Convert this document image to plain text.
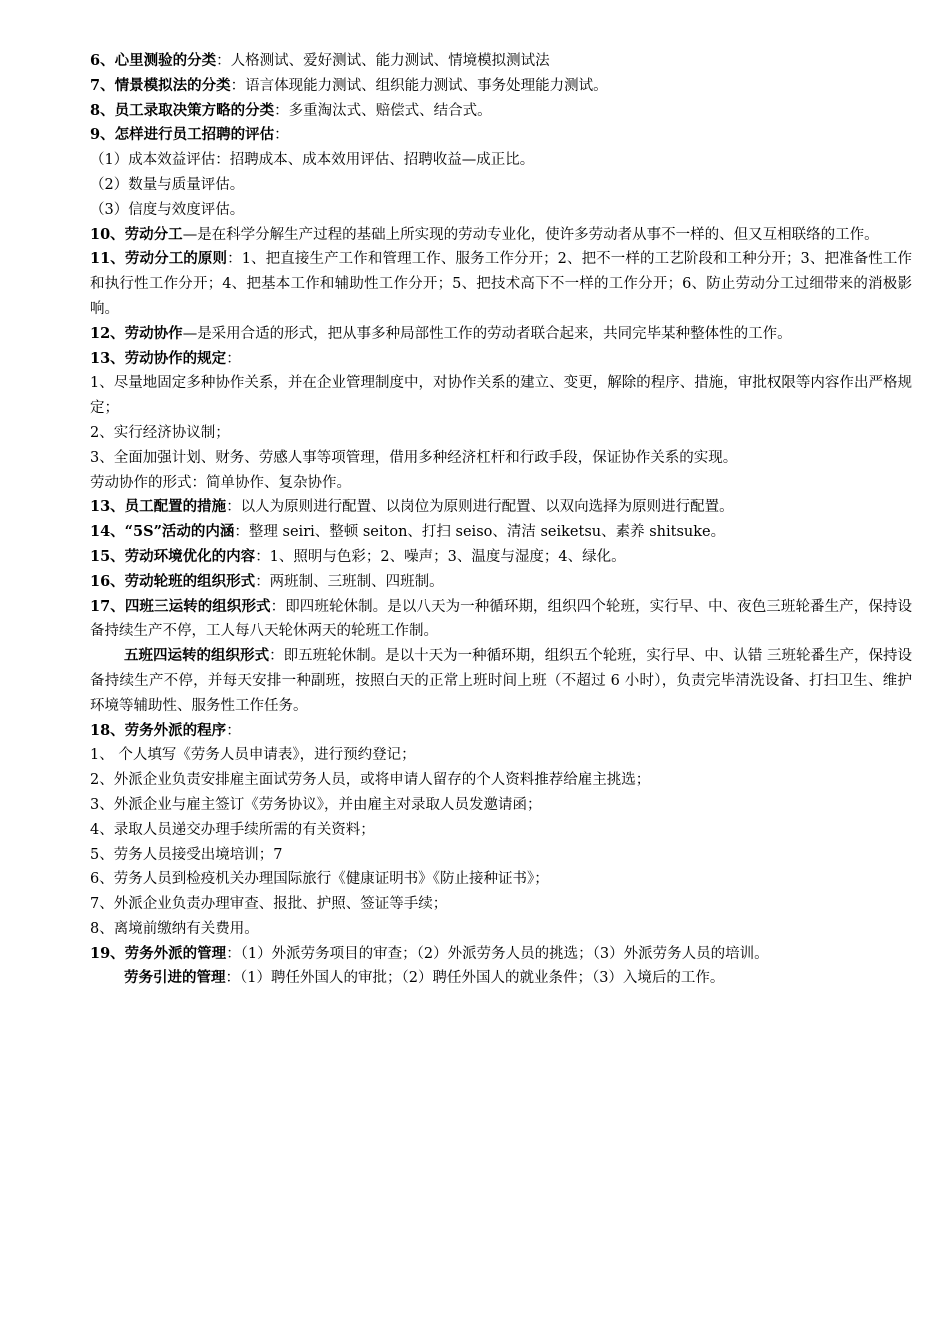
6、心里测验的分类：人格测试、爱好测试、能力测试、情境模拟测试法

7、情景模拟法的分类：语言体现能力测试、组织能力测试、事务处理能力测试。

8、员工录取决策方略的分类：多重淘汰式、赔偿式、结合式。

9、怎样进行员工招聘的评估：

（1）成本效益评估：招聘成本、成本效用评估、招聘收益—成正比。

（2）数量与质量评估。

（3）信度与效度评估。

10、劳动分工—是在科学分解生产过程的基础上所实现的劳动专业化，使许多劳动者从事不一样的、但又互相联络的工作。

11、劳动分工的原则：1、把直接生产工作和管理工作、服务工作分开；2、把不一样的工艺阶段和工种分开；3、把准备性工作和执行性工作分开；4、把基本工作和辅助性工作分开；5、把技术高下不一样的工作分开；6、防止劳动分工过细带来的消极影响。

12、劳动协作—是采用合适的形式，把从事多种局部性工作的劳动者联合起来，共同完毕某种整体性的工作。

13、劳动协作的规定：

1、尽量地固定多种协作关系，并在企业管理制度中，对协作关系的建立、变更，解除的程序、措施，审批权限等内容作出严格规定；

2、实行经济协议制；

3、全面加强计划、财务、劳感人事等项管理，借用多种经济杠杆和行政手段，保证协作关系的实现。

劳动协作的形式：简单协作、复杂协作。

13、员工配置的措施：以人为原则进行配置、以岗位为原则进行配置、以双向选择为原则进行配置。

14、“5S”活动的内涵：整理 seiri、整顿 seiton、打扫 seiso、清洁 seiketsu、素养 shitsuke。

15、劳动环境优化的内容：1、照明与色彩；2、噪声；3、温度与湿度；4、绿化。

16、劳动轮班的组织形式：两班制、三班制、四班制。

17、四班三运转的组织形式：即四班轮休制。是以八天为一种循环期，组织四个轮班，实行早、中、夜色三班轮番生产，保持设备持续生产不停，工人每八天轮休两天的轮班工作制。

五班四运转的组织形式：即五班轮休制。是以十天为一种循环期，组织五个轮班，实行早、中、认错 三班轮番生产，保持设备持续生产不停，并每天安排一种副班，按照白天的正常上班时间上班（不超过 6 小时），负责完毕清洗设备、打扫卫生、维护环境等辅助性、服务性工作任务。

18、劳务外派的程序：

1、 个人填写《劳务人员申请表》，进行预约登记；

2、外派企业负责安排雇主面试劳务人员，或将申请人留存的个人资料推荐给雇主挑选；

3、外派企业与雇主签订《劳务协议》，并由雇主对录取人员发邀请函；

4、录取人员递交办理手续所需的有关资料；

5、劳务人员接受出境培训；7

6、劳务人员到检疫机关办理国际旅行《健康证明书》《防止接种证书》；

7、外派企业负责办理审查、报批、护照、签证等手续；

8、离境前缴纳有关费用。

19、劳务外派的管理：（1）外派劳务项目的审查；（2）外派劳务人员的挑选；（3）外派劳务人员的培训。

劳务引进的管理：（1）聘任外国人的审批；（2）聘任外国人的就业条件；（3）入境后的工作。
